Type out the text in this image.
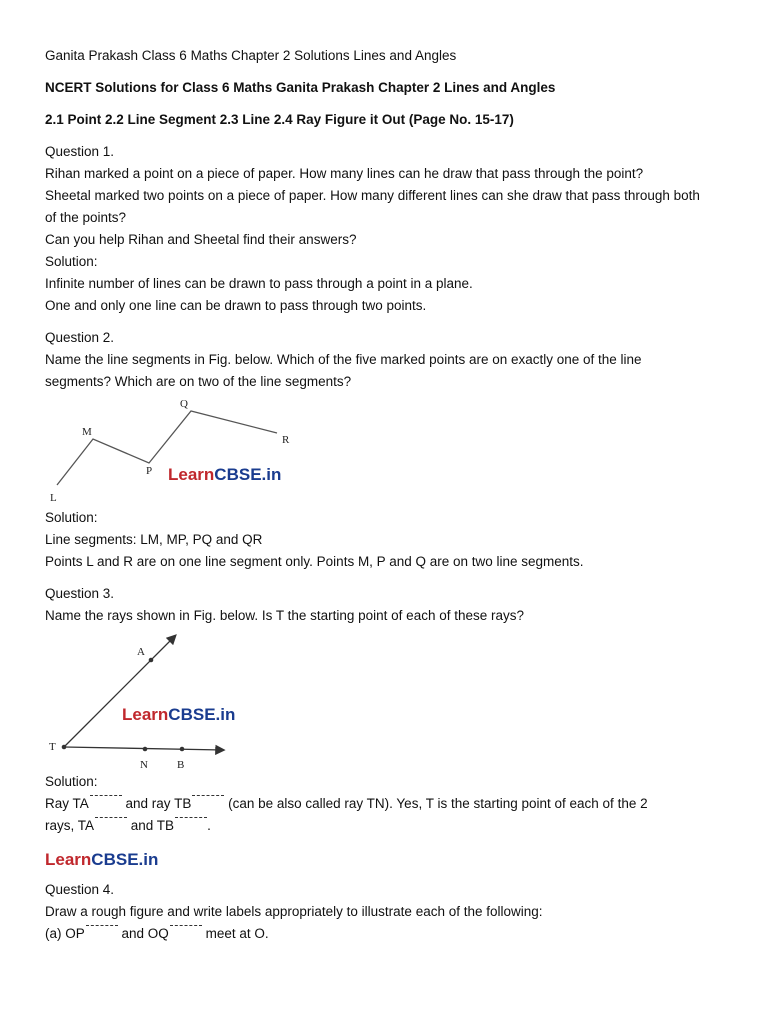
Ganita Prakash Class 6 Maths Chapter 2 Solutions Lines and Angles
NCERT Solutions for Class 6 Maths Ganita Prakash Chapter 2 Lines and Angles
2.1 Point 2.2 Line Segment 2.3 Line 2.4 Ray Figure it Out (Page No. 15-17)
Question 1.
Rihan marked a point on a piece of paper. How many lines can he draw that pass through the point?
Sheetal marked two points on a piece of paper. How many different lines can she draw that pass through both
of the points?
Can you help Rihan and Sheetal find their answers?
Solution:
Infinite number of lines can be drawn to pass through a point in a plane.
One and only one line can be drawn to pass through two points.
Question 2.
Name the line segments in Fig. below. Which of the five marked points are on exactly one of the line
segments? Which are on two of the line segments?
L
M
P
Q
R
LearnCBSE.in
Solution:
Line segments: LM, MP, PQ and QR
Points L and R are on one line segment only. Points M, P and Q are on two line segments.
Question 3.
Name the rays shown in Fig. below. Is T the starting point of each of these rays?
A
T
N	B
LearnCBSE.in
Solution:
Ray TA	and ray TB	(can be also called ray TN). Yes, T is the starting point of each of the 2
rays, TA	and TB .
LearnCBSE.in
Question 4.
Draw a rough figure and write labels appropriately to illustrate each of the following:
(a) OP	and OQ	meet at O.
